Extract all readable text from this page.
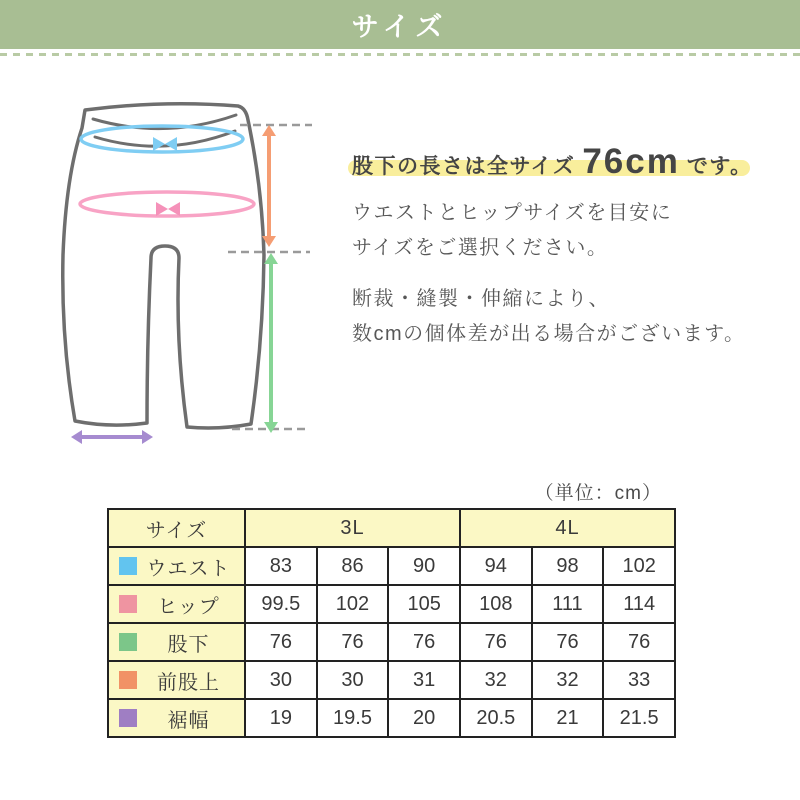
サイズ
股下の長さは全サイズ 76cm です。
ウエストとヒップサイズを目安に
サイズをご選択ください。
断裁・縫製・伸縮により、
数cmの個体差が出る場合がございます。
（単位：cm）
サイズ	3L			4L		

ウエスト	83	86	90	94	98	102

ヒップ	99.5	102	105	108	111	114

股下	76	76	76	76	76	76

前股上	30	30	31	32	32	33

裾幅	19	19.5	20	20.5	21	21.5
